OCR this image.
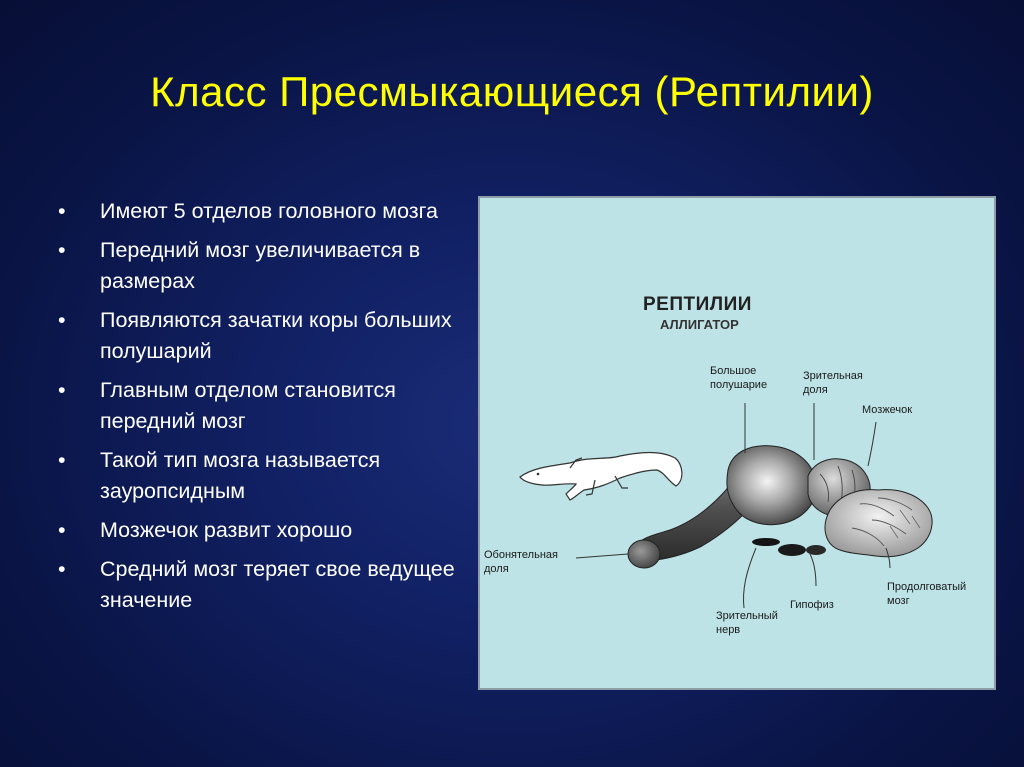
Класс Пресмыкающиеся (Рептилии)
• Имеют 5 отделов головного мозга
• Передний мозг увеличивается в размерах
• Появляются зачатки коры больших полушарий
• Главным отделом становится передний мозг
• Такой тип мозга называется зауропсидным
• Мозжечок развит хорошо
• Средний мозг теряет свое ведущее значение
РЕПТИЛИИ
АЛЛИГАТОР
Большое полушарие
Зрительная доля
Мозжечок
Обонятельная доля
Зрительный нерв
Гипофиз
Продолговатый мозг
